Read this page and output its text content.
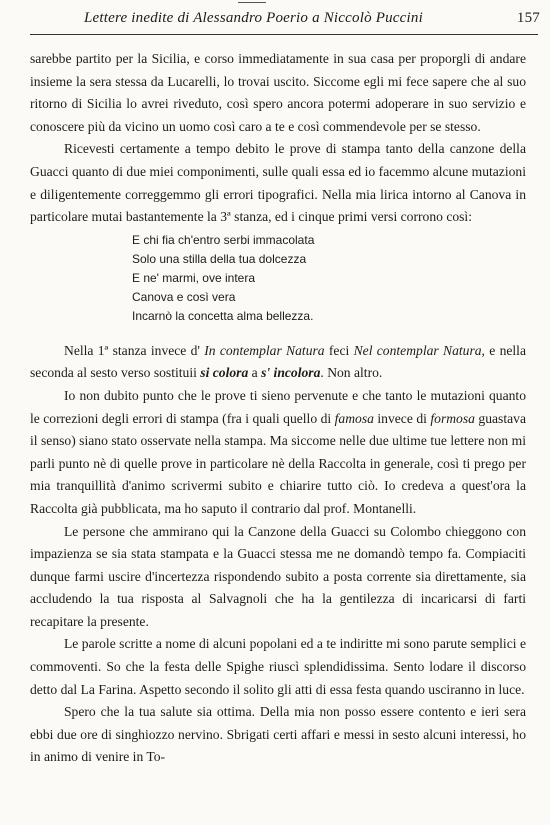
Lettere inedite di Alessandro Poerio a Niccolò Puccini	157

sarebbe partito per la Sicilia, e corso immediatamente in sua casa per proporgli di andare insieme la sera stessa da Lucarelli, lo trovai uscito. Siccome egli mi fece sapere che al suo ritorno di Sicilia lo avrei riveduto, così spero ancora potermi adoperare in suo servizio e conoscere più da vicino un uomo così caro a te e così commendevole per se stesso.

Ricevesti certamente a tempo debito le prove di stampa tanto della canzone della Guacci quanto di due miei componimenti, sulle quali essa ed io facemmo alcune mutazioni e diligentemente correggemmo gli errori tipografici. Nella mia lirica intorno al Canova in particolare mutai bastantemente la 3ª stanza, ed i cinque primi versi corrono così:

E chi fia ch'entro serbi immacolata
Solo una stilla della tua dolcezza
E ne' marmi, ove intera
Canova e così vera
Incarnò la concetta alma bellezza.

Nella 1ª stanza invece d' In contemplar Natura feci Nel contemplar Natura, e nella seconda al sesto verso sostituii si colora a s' incolora. Non altro.

Io non dubito punto che le prove ti sieno pervenute e che tanto le mutazioni quanto le correzioni degli errori di stampa (fra i quali quello di famosa invece di formosa guastava il senso) siano stato osservate nella stampa. Ma siccome nelle due ultime tue lettere non mi parli punto nè di quelle prove in particolare nè della Raccolta in generale, così ti prego per mia tranquillità d'animo scrivermi subito e chiarire tutto ciò. Io credeva a quest'ora la Raccolta già pubblicata, ma ho saputo il contrario dal prof. Montanelli.

Le persone che ammirano qui la Canzone della Guacci su Colombo chieggono con impazienza se sia stata stampata e la Guacci stessa me ne domandò tempo fa. Compiaciti dunque farmi uscire d'incertezza rispondendo subito a posta corrente sia direttamente, sia accludendo la tua risposta al Salvagnoli che ha la gentilezza di incaricarsi di farti recapitare la presente.

Le parole scritte a nome di alcuni popolani ed a te indiritte mi sono parute semplici e commoventi. So che la festa delle Spighe riuscì splendidissima. Sento lodare il discorso detto dal La Farina. Aspetto secondo il solito gli atti di essa festa quando usciranno in luce.

Spero che la tua salute sia ottima. Della mia non posso essere contento e ieri sera ebbi due ore di singhiozzo nervino. Sbrigati certi affari e messi in sesto alcuni interessi, ho in animo di venire in To-
